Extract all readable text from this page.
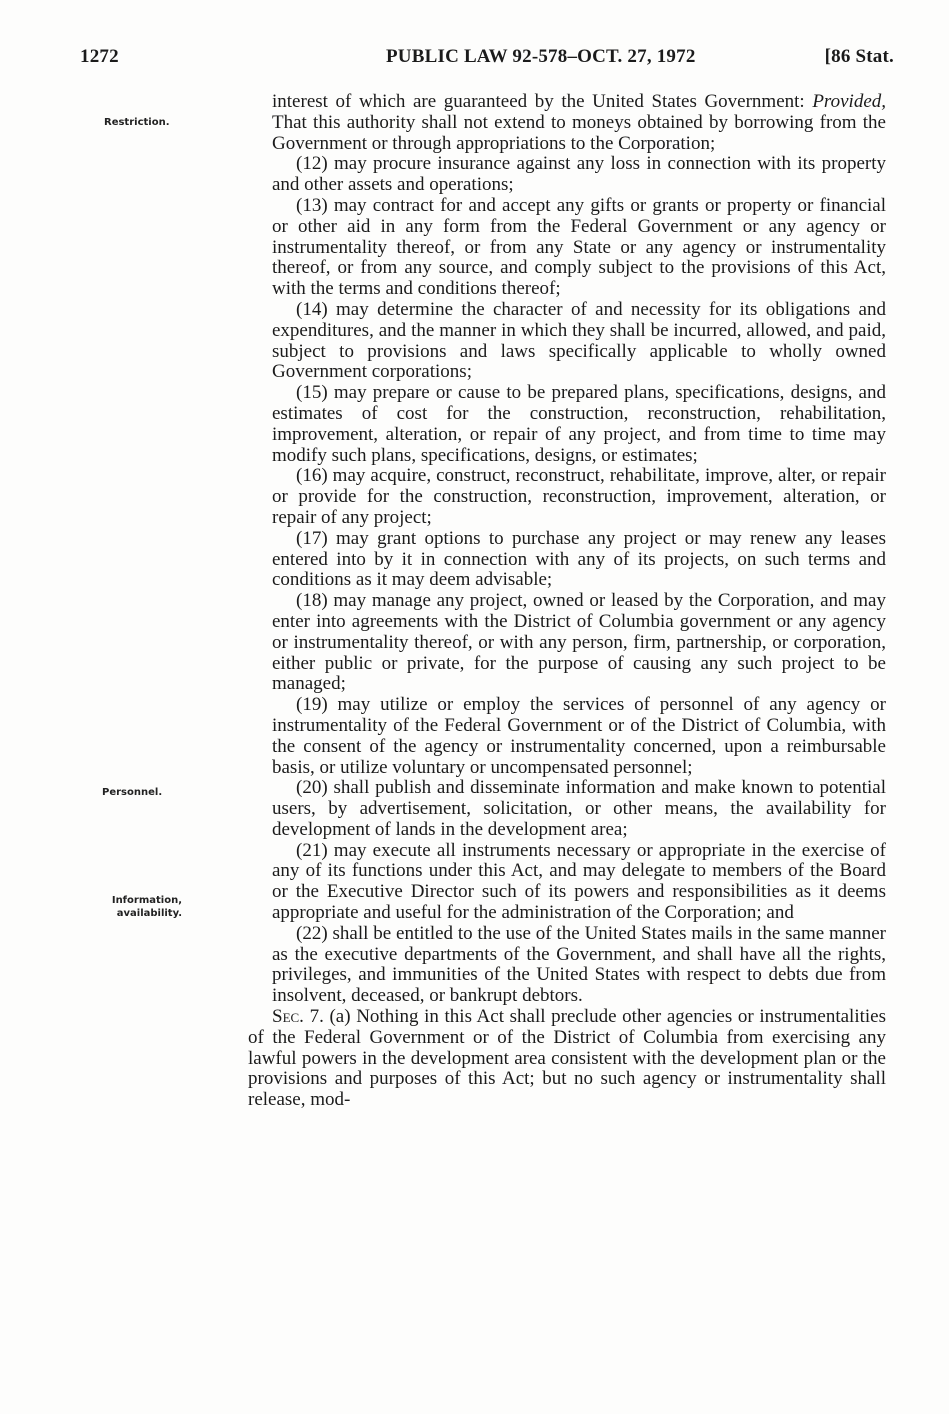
1272	PUBLIC LAW 92-578–OCT. 27, 1972	[86 Stat.
Restriction.
Personnel.
Information,
availability.

interest of which are guaranteed by the United States Government: Provided, That this authority shall not extend to moneys obtained by borrowing from the Government or through appropriations to the Corporation;

(12) may procure insurance against any loss in connection with its property and other assets and operations;

(13) may contract for and accept any gifts or grants or property or financial or other aid in any form from the Federal Government or any agency or instrumentality thereof, or from any State or any agency or instrumentality thereof, or from any source, and comply subject to the provisions of this Act, with the terms and conditions thereof;

(14) may determine the character of and necessity for its obligations and expenditures, and the manner in which they shall be incurred, allowed, and paid, subject to provisions and laws specifically applicable to wholly owned Government corporations;

(15) may prepare or cause to be prepared plans, specifications, designs, and estimates of cost for the construction, reconstruction, rehabilitation, improvement, alteration, or repair of any project, and from time to time may modify such plans, specifications, designs, or estimates;

(16) may acquire, construct, reconstruct, rehabilitate, improve, alter, or repair or provide for the construction, reconstruction, improvement, alteration, or repair of any project;

(17) may grant options to purchase any project or may renew any leases entered into by it in connection with any of its projects, on such terms and conditions as it may deem advisable;

(18) may manage any project, owned or leased by the Corporation, and may enter into agreements with the District of Columbia government or any agency or instrumentality thereof, or with any person, firm, partnership, or corporation, either public or private, for the purpose of causing any such project to be managed;

(19) may utilize or employ the services of personnel of any agency or instrumentality of the Federal Government or of the District of Columbia, with the consent of the agency or instrumentality concerned, upon a reimbursable basis, or utilize voluntary or uncompensated personnel;

(20) shall publish and disseminate information and make known to potential users, by advertisement, solicitation, or other means, the availability for development of lands in the development area;

(21) may execute all instruments necessary or appropriate in the exercise of any of its functions under this Act, and may delegate to members of the Board or the Executive Director such of its powers and responsibilities as it deems appropriate and useful for the administration of the Corporation; and

(22) shall be entitled to the use of the United States mails in the same manner as the executive departments of the Government, and shall have all the rights, privileges, and immunities of the United States with respect to debts due from insolvent, deceased, or bankrupt debtors.

Sec. 7. (a) Nothing in this Act shall preclude other agencies or instrumentalities of the Federal Government or of the District of Columbia from exercising any lawful powers in the development area consistent with the development plan or the provisions and purposes of this Act; but no such agency or instrumentality shall release, mod-
